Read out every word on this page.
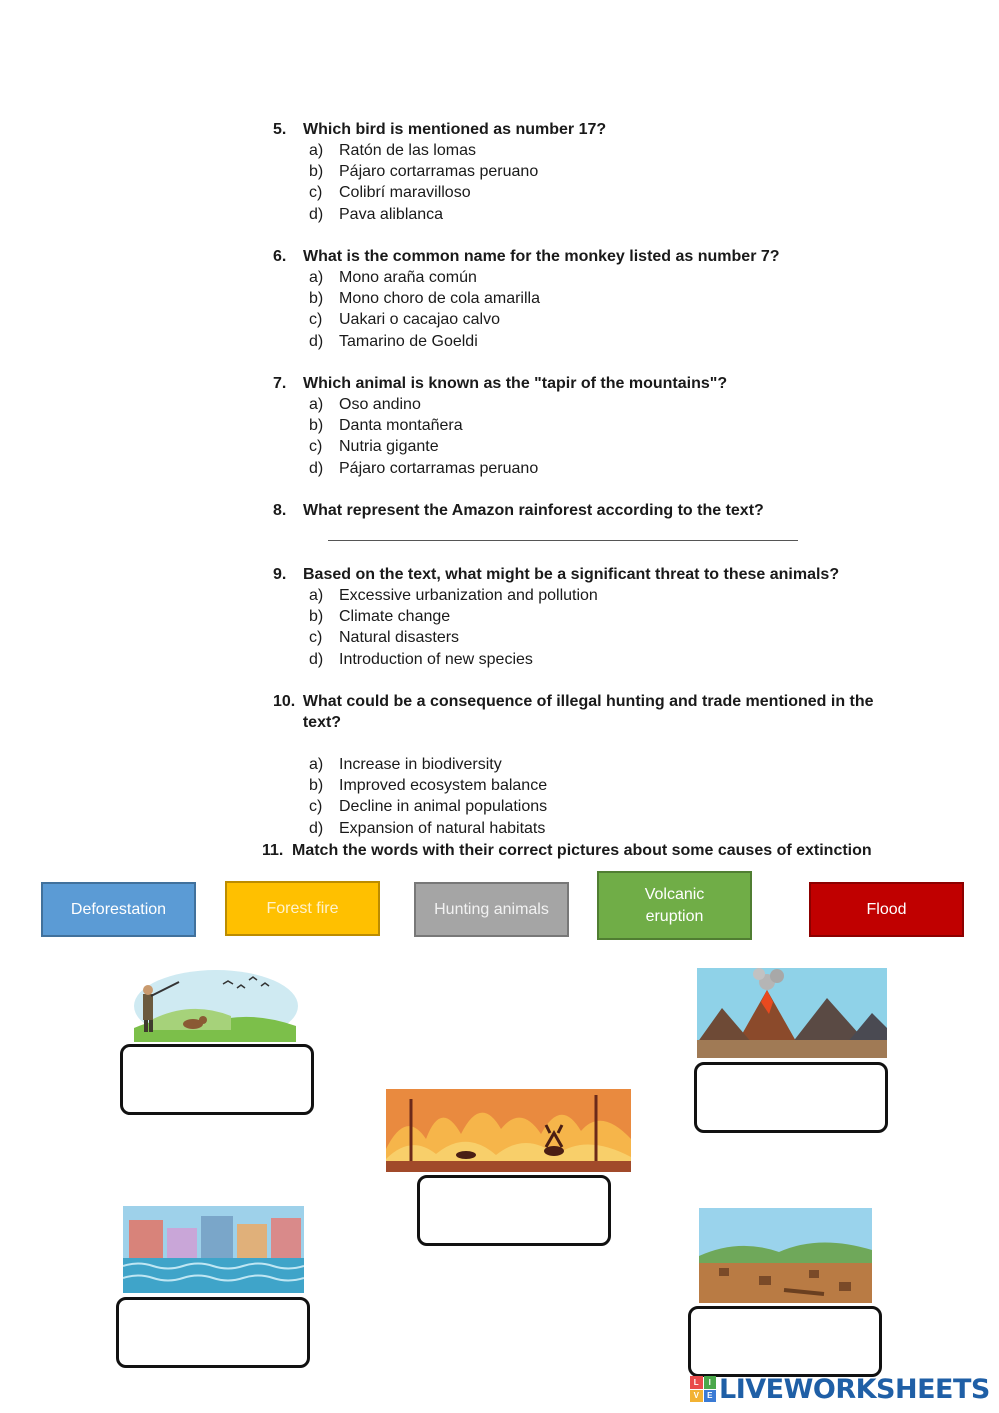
5.	Which bird is mentioned as number 17?
a) Ratón de las lomas
b) Pájaro cortarramas peruano
c)	Colibrí maravilloso
d) Pava aliblanca
6.	What is the common name for the monkey listed as number 7?
a) Mono araña común
b) Mono choro de cola amarilla
c)	Uakari o cacajao calvo
d) Tamarino de Goeldi
7.	Which animal is known as the "tapir of the mountains"?
a) Oso andino
b) Danta montañera
c)	Nutria gigante
d) Pájaro cortarramas peruano
8.	What represent the Amazon rainforest according to the text?
9.	Based on the text, what might be a significant threat to these animals?
a) Excessive urbanization and pollution
b) Climate change
c)	Natural disasters
d) Introduction of new species
10. What could be a consequence of illegal hunting and trade mentioned in the text?
a) Increase in biodiversity
b) Improved ecosystem balance
c)	Decline in animal populations
d) Expansion of natural habitats
11. Match the words with their correct pictures about some causes of extinction
Deforestation	Forest fire	Hunting animals
Volcanic eruption	Flood
L	I
V	E LIVEWORKSHEETS
